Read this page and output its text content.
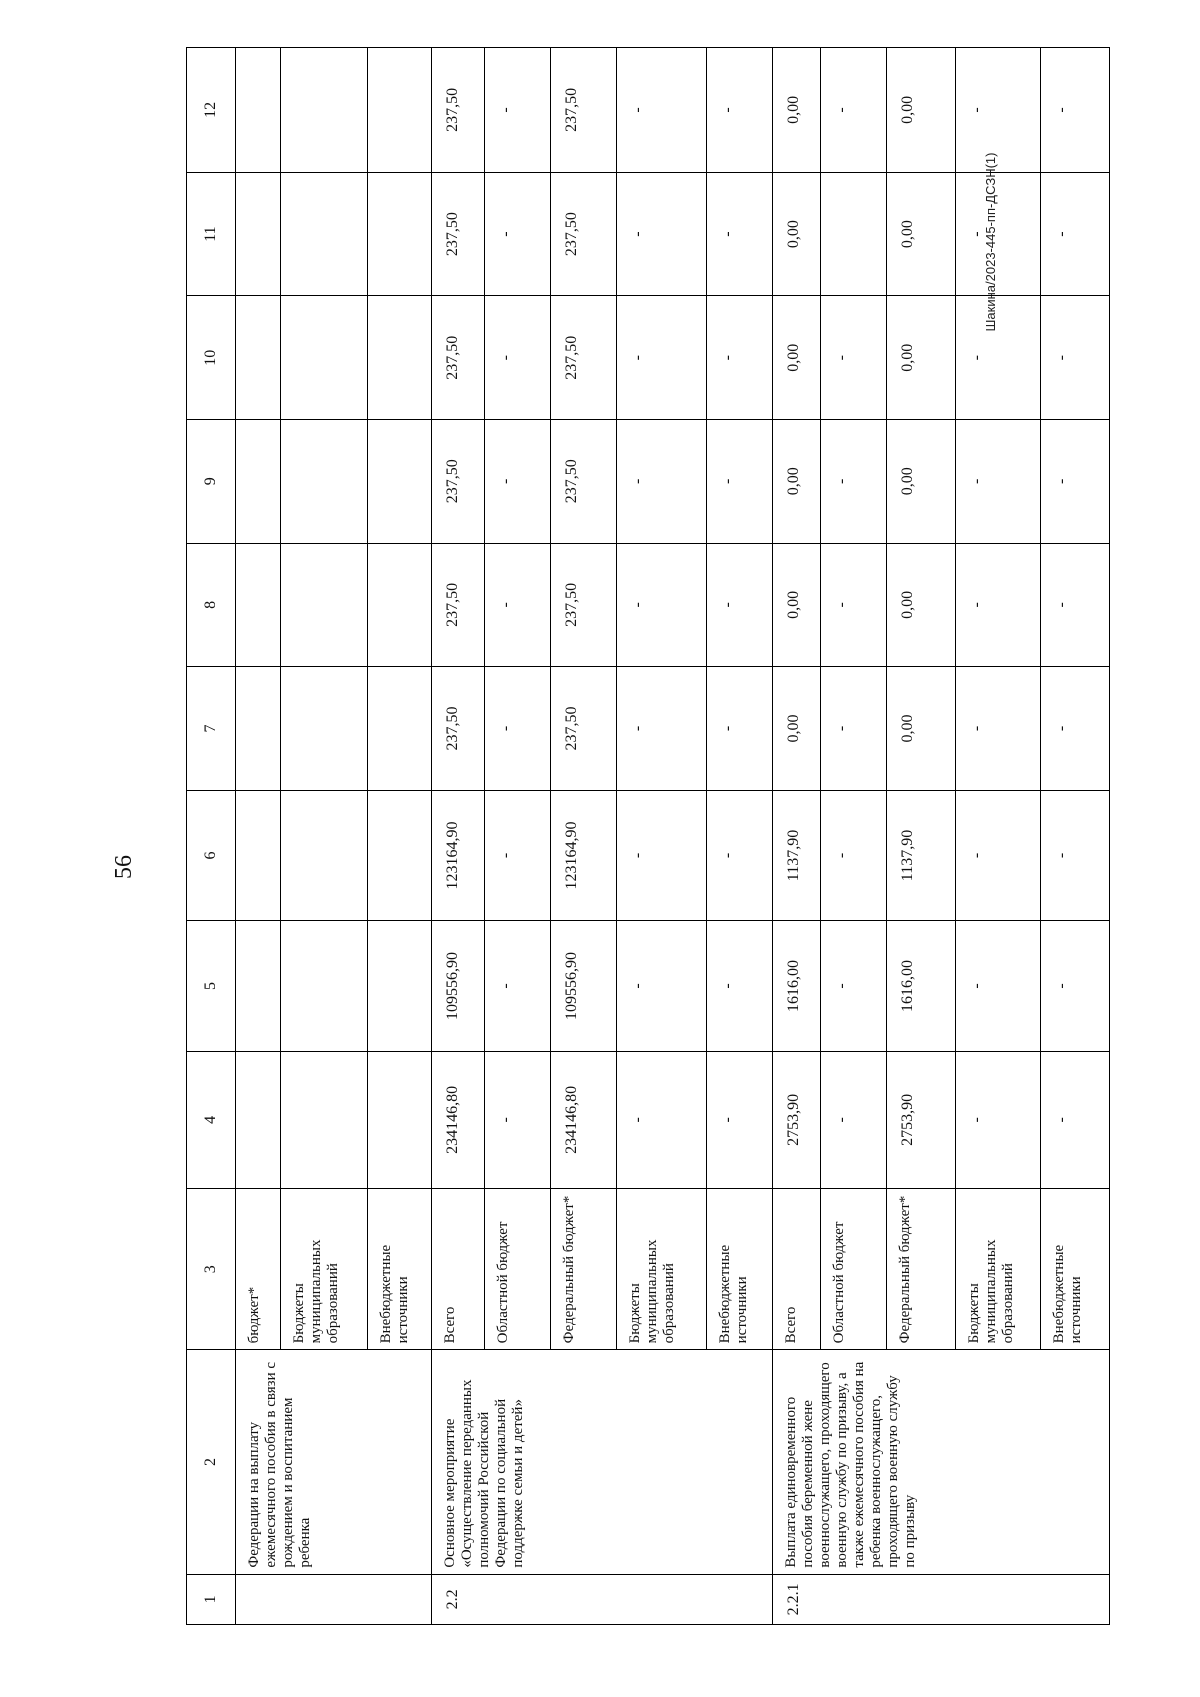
56
Шакина/2023-445-пп-ДСЗН(1)
1	2	3	4	5	6	7	8	9	10	11	12
	Федерации на выплату ежемесячного пособия в связи с рождением и воспитанием ребенка	бюджет*									
		Бюджеты муниципальных образований									
		Внебюджетные источники									
2.2	Основное мероприятие «Осуществление переданных полномочий Российской Федерации по социальной поддержке семьи и детей»	Всего	234146,80	109556,90	123164,90	237,50	237,50	237,50	237,50	237,50	237,50
		Областной бюджет	-	-	-	-	-	-	-	-	-
		Федеральный бюджет*	234146,80	109556,90	123164,90	237,50	237,50	237,50	237,50	237,50	237,50
		Бюджеты муниципальных образований	-	-	-	-	-	-	-	-	-
		Внебюджетные источники	-	-	-	-	-	-	-	-	-
2.2.1	Выплата единовременного пособия беременной жене военнослужащего, проходящего военную службу по призыву, а также ежемесячного пособия на ребенка военнослужащего, проходящего военную службу по призыву	Всего	2753,90	1616,00	1137,90	0,00	0,00	0,00	0,00	0,00	0,00
		Областной бюджет	-	-	-	-	-	-	-		-
		Федеральный бюджет*	2753,90	1616,00	1137,90	0,00	0,00	0,00	0,00	0,00	0,00
		Бюджеты муниципальных образований	-	-	-	-	-	-	-	-	-
		Внебюджетные источники	-	-	-	-	-	-	-	-	-
